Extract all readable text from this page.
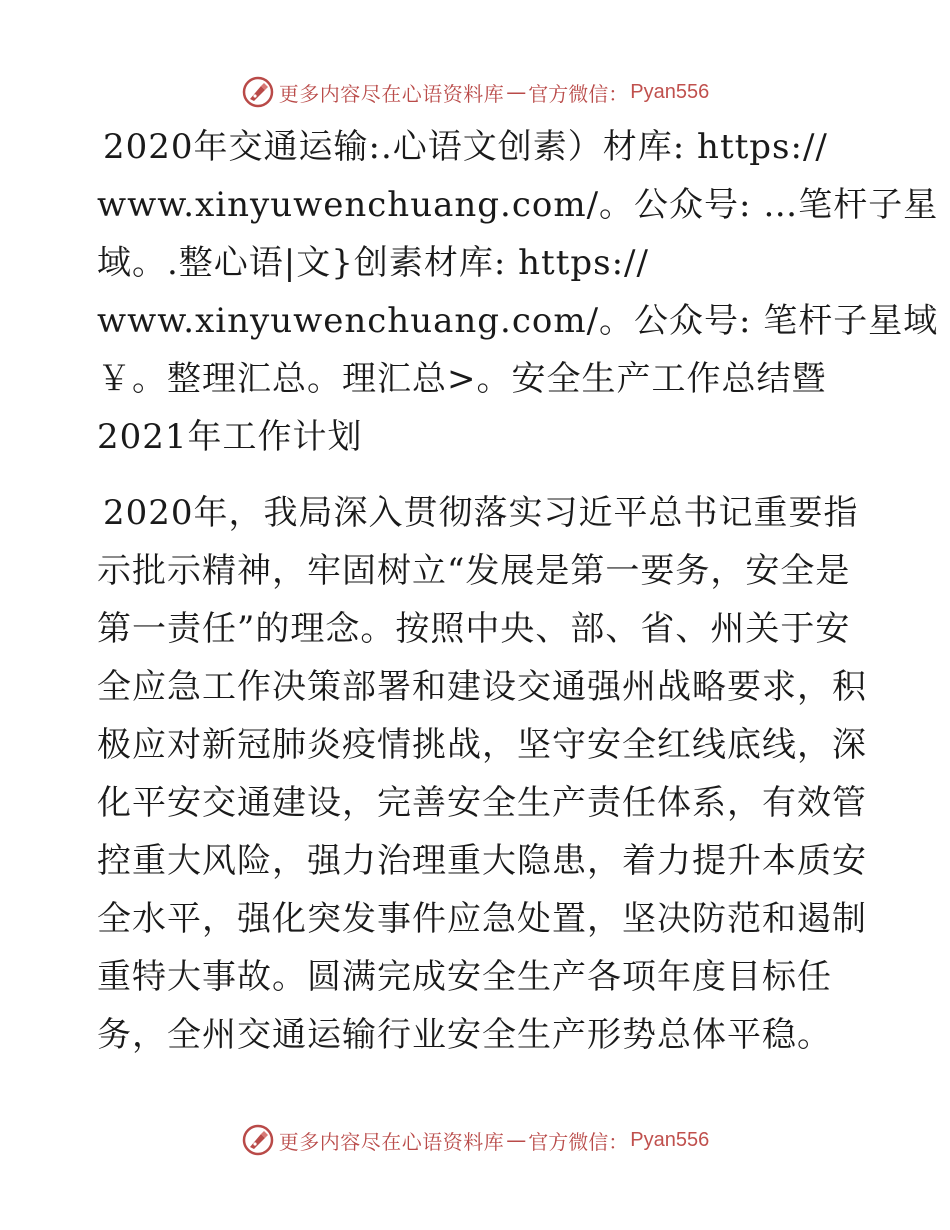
更多内容尽在心语资料库 — 官方微信： Pyan556
2020年交通运输:.心语文创素）材库: https://
www.xinyuwenchuang.com/。公众号: …笔杆子星
域。.整心语|文}创素材库: https://
www.xinyuwenchuang.com/。公众号: 笔杆子星域
￥。整理汇总。理汇总>。安全生产工作总结暨
2021年工作计划
2020年，我局深入贯彻落实习近平总书记重要指
示批示精神，牢固树立“发展是第一要务，安全是
第一责任”的理念。按照中央、部、省、州关于安
全应急工作决策部署和建设交通强州战略要求，积
极应对新冠肺炎疫情挑战，坚守安全红线底线，深
化平安交通建设，完善安全生产责任体系，有效管
控重大风险，强力治理重大隐患，着力提升本质安
全水平，强化突发事件应急处置，坚决防范和遏制
重特大事故。圆满完成安全生产各项年度目标任
务，全州交通运输行业安全生产形势总体平稳。
更多内容尽在心语资料库 — 官方微信： Pyan556
